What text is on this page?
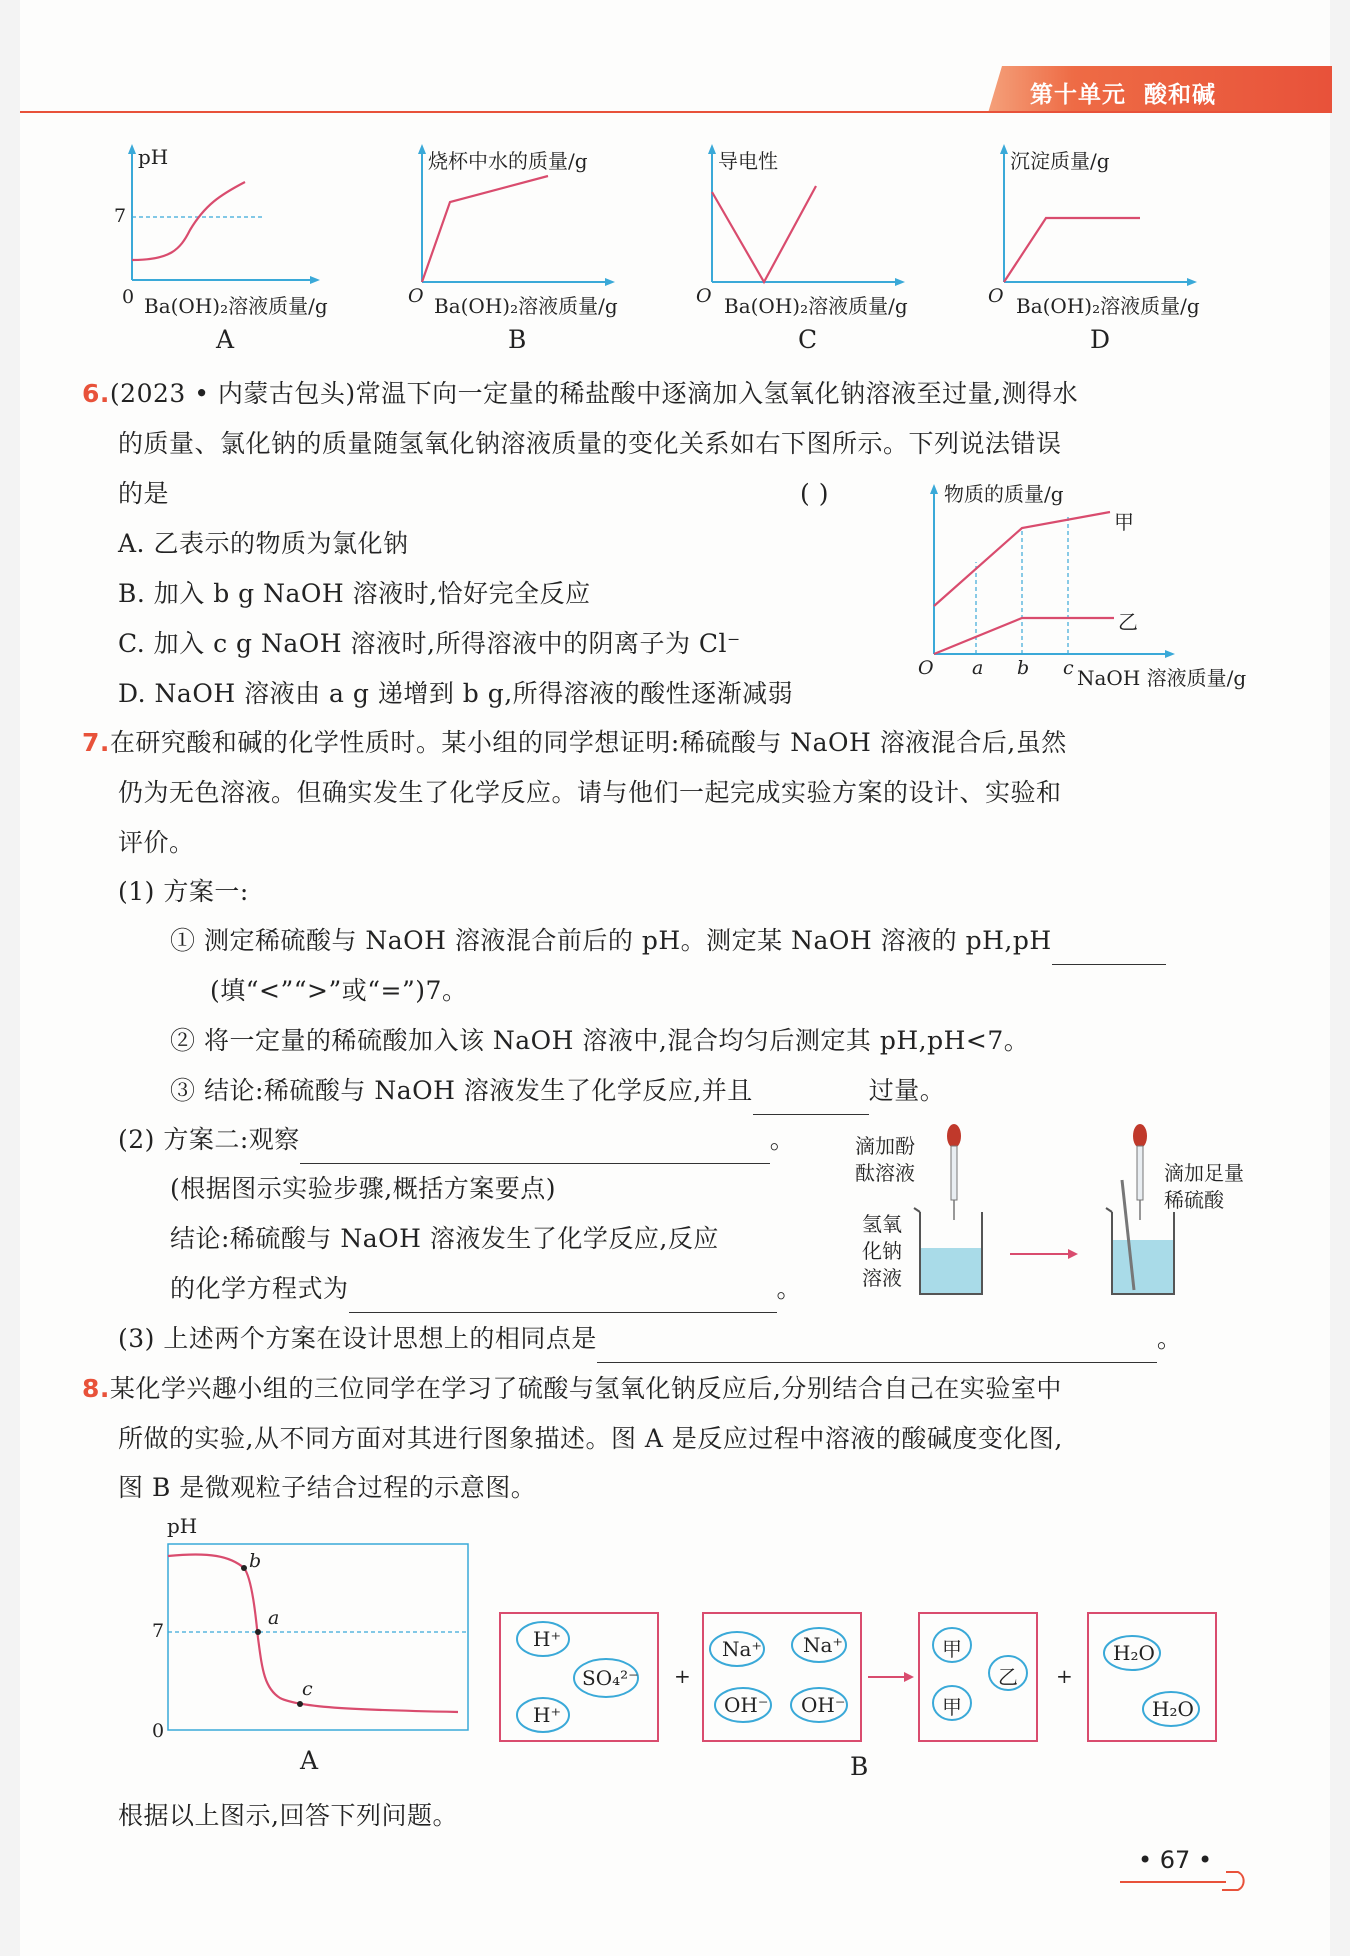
第十单元 酸和碱
pH
7
0 Ba(OH)₂溶液质量/g
A
烧杯中水的质量/g
O Ba(OH)₂溶液质量/g
B
导电性
O Ba(OH)₂溶液质量/g
C
沉淀质量/g
O Ba(OH)₂溶液质量/g
D
6.(2023 • 内蒙古包头)常温下向一定量的稀盐酸中逐滴加入氢氧化钠溶液至过量,测得水
的质量、氯化钠的质量随氢氧化钠溶液质量的变化关系如右下图所示。下列说法错误
的是	( )
A. 乙表示的物质为氯化钠
B. 加入 b g NaOH 溶液时,恰好完全反应
C. 加入 c g NaOH 溶液时,所得溶液中的阴离子为 Cl⁻
D. NaOH 溶液由 a g 递增到 b g,所得溶液的酸性逐渐减弱
物质的质量/g
甲
乙
O a b c NaOH 溶液质量/g
7.在研究酸和碱的化学性质时。某小组的同学想证明:稀硫酸与 NaOH 溶液混合后,虽然
仍为无色溶液。但确实发生了化学反应。请与他们一起完成实验方案的设计、实验和
评价。
(1) 方案一:
① 测定稀硫酸与 NaOH 溶液混合前后的 pH。测定某 NaOH 溶液的 pH,pH
(填“<”“>”或“=”)7。
② 将一定量的稀硫酸加入该 NaOH 溶液中,混合均匀后测定其 pH,pH<7。
③ 结论:稀硫酸与 NaOH 溶液发生了化学反应,并且	过量。
(2) 方案二:观察	。
(根据图示实验步骤,概括方案要点)
结论:稀硫酸与 NaOH 溶液发生了化学反应,反应
的化学方程式为	。
(3) 上述两个方案在设计思想上的相同点是	。
滴加酚
酞溶液
氢氧
化钠
溶液
滴加足量
稀硫酸
8.某化学兴趣小组的三位同学在学习了硫酸与氢氧化钠反应后,分别结合自己在实验室中
所做的实验,从不同方面对其进行图象描述。图 A 是反应过程中溶液的酸碱度变化图,
图 B 是微观粒子结合过程的示意图。
pH
7
0
b
a
c
A
H⁺
SO₄²⁻
H⁺
+
Na⁺ Na⁺
OH⁻ OH⁻
甲
乙
甲
+
H₂O
H₂O
B
根据以上图示,回答下列问题。
• 67 •
